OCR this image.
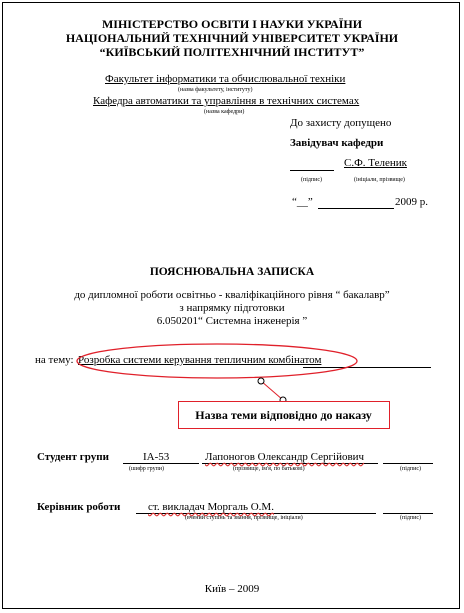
МІНІСТЕРСТВО ОСВІТИ І НАУКИ УКРАЇНИ
НАЦІОНАЛЬНИЙ ТЕХНІЧНИЙ УНІВЕРСИТЕТ УКРАЇНИ
“КИЇВСЬКИЙ ПОЛІТЕХНІЧНИЙ ІНСТИТУТ”
Факультет інформатики та обчислювальної техніки
(назва факультету, інституту)
Кафедра автоматики та управління в технічних системах
(назва кафедри)
До захисту допущено
Завідувач кафедри
С.Ф. Теленик
(підпис)	(ініціали, прізвище)
“__”	2009 р.
ПОЯСНЮВАЛЬНА ЗАПИСКА
до дипломної роботи освітньо - кваліфікаційного рівня “ бакалавр”
з напрямку підготовки
6.050201“ Системна інженерія ”
на тему: Розробка системи керування тепличним комбінатом
Назва теми відповідно до наказу
Студент групи	ІА-53	Лапоногов Олександр Сергійович
(шифр групи)	(прізвище, ім'я, по батькові)	(підпис)
Керівник роботи	ст. викладач Моргаль О.М.
(вчений ступінь та звання, прізвище, ініціали)	(підпис)
Київ – 2009
